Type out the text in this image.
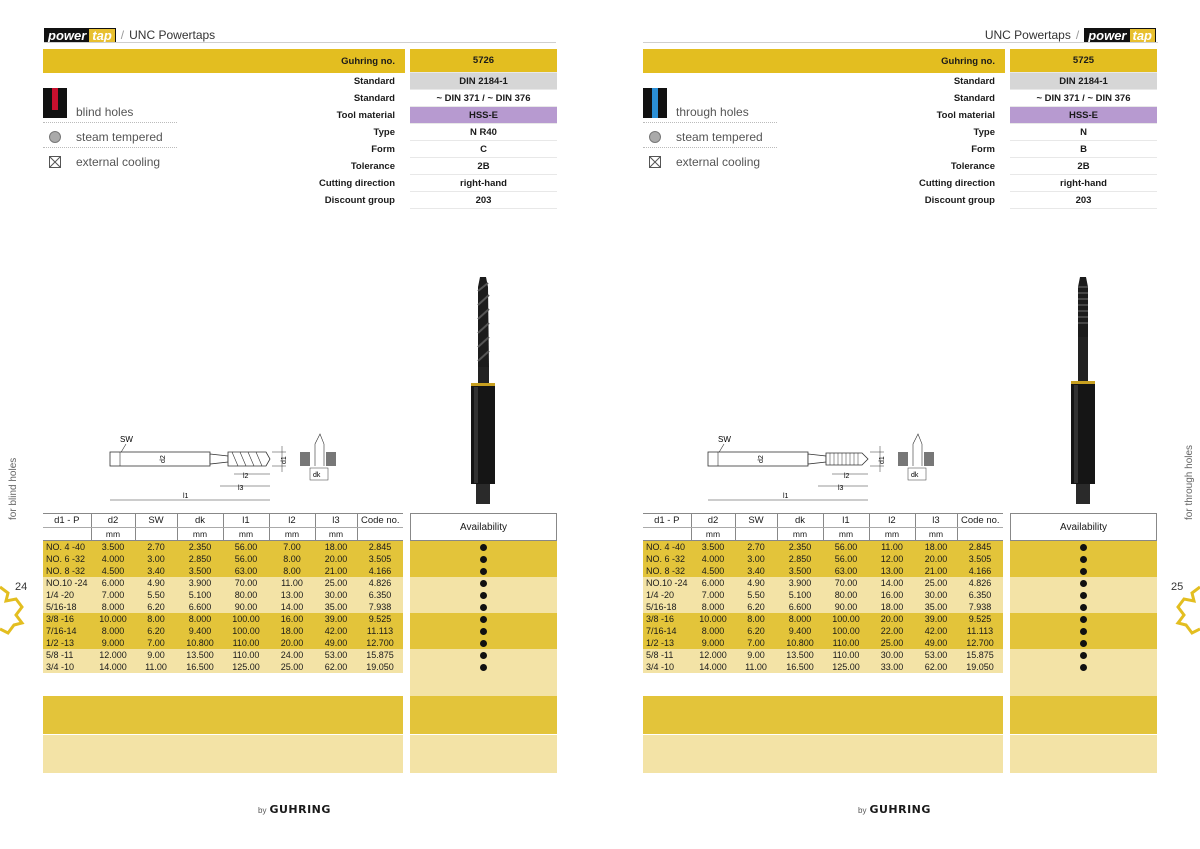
power tap / UNC Powertaps
Guhring no.	5726
Standard	DIN 2184-1
Standard	~ DIN 371 / ~ DIN 376
Tool material	HSS-E
Type	N R40
Form	C
Tolerance	2B
Cutting direction	right-hand
Discount group	203
blind holes
steam tempered
external cooling
SW
d2	d1
l2
l3
l1
dk
d1 - P	d2	SW	dk	l1	l2	l3	Code no.
	mm		mm	mm	mm	mm	
NO. 4 -40	3.500	2.70	2.350	56.00	7.00	18.00	2.845
NO. 6 -32	4.000	3.00	2.850	56.00	8.00	20.00	3.505
NO. 8 -32	4.500	3.40	3.500	63.00	8.00	21.00	4.166
NO.10 -24	6.000	4.90	3.900	70.00	11.00	25.00	4.826
1/4 -20	7.000	5.50	5.100	80.00	13.00	30.00	6.350
5/16-18	8.000	6.20	6.600	90.00	14.00	35.00	7.938
3/8 -16	10.000	8.00	8.000	100.00	16.00	39.00	9.525
7/16-14	8.000	6.20	9.400	100.00	18.00	42.00	11.113
1/2 -13	9.000	7.00	10.800	110.00	20.00	49.00	12.700
5/8 -11	12.000	9.00	13.500	110.00	24.00	53.00	15.875
3/4 -10	14.000	11.00	16.500	125.00	25.00	62.00	19.050
Availability
for blind holes
24
by GUHRING
UNC Powertaps / power tap
Guhring no.	5725
Standard	DIN 2184-1
Standard	~ DIN 371 / ~ DIN 376
Tool material	HSS-E
Type	N
Form	B
Tolerance	2B
Cutting direction	right-hand
Discount group	203
through holes
steam tempered
external cooling
SW
d2	d1
l2
l3
l1
dk
d1 - P	d2	SW	dk	l1	l2	l3	Code no.
	mm		mm	mm	mm	mm	
NO. 4 -40	3.500	2.70	2.350	56.00	11.00	18.00	2.845
NO. 6 -32	4.000	3.00	2.850	56.00	12.00	20.00	3.505
NO. 8 -32	4.500	3.40	3.500	63.00	13.00	21.00	4.166
NO.10 -24	6.000	4.90	3.900	70.00	14.00	25.00	4.826
1/4 -20	7.000	5.50	5.100	80.00	16.00	30.00	6.350
5/16-18	8.000	6.20	6.600	90.00	18.00	35.00	7.938
3/8 -16	10.000	8.00	8.000	100.00	20.00	39.00	9.525
7/16-14	8.000	6.20	9.400	100.00	22.00	42.00	11.113
1/2 -13	9.000	7.00	10.800	110.00	25.00	49.00	12.700
5/8 -11	12.000	9.00	13.500	110.00	30.00	53.00	15.875
3/4 -10	14.000	11.00	16.500	125.00	33.00	62.00	19.050
Availability
for through holes
25
by GUHRING
